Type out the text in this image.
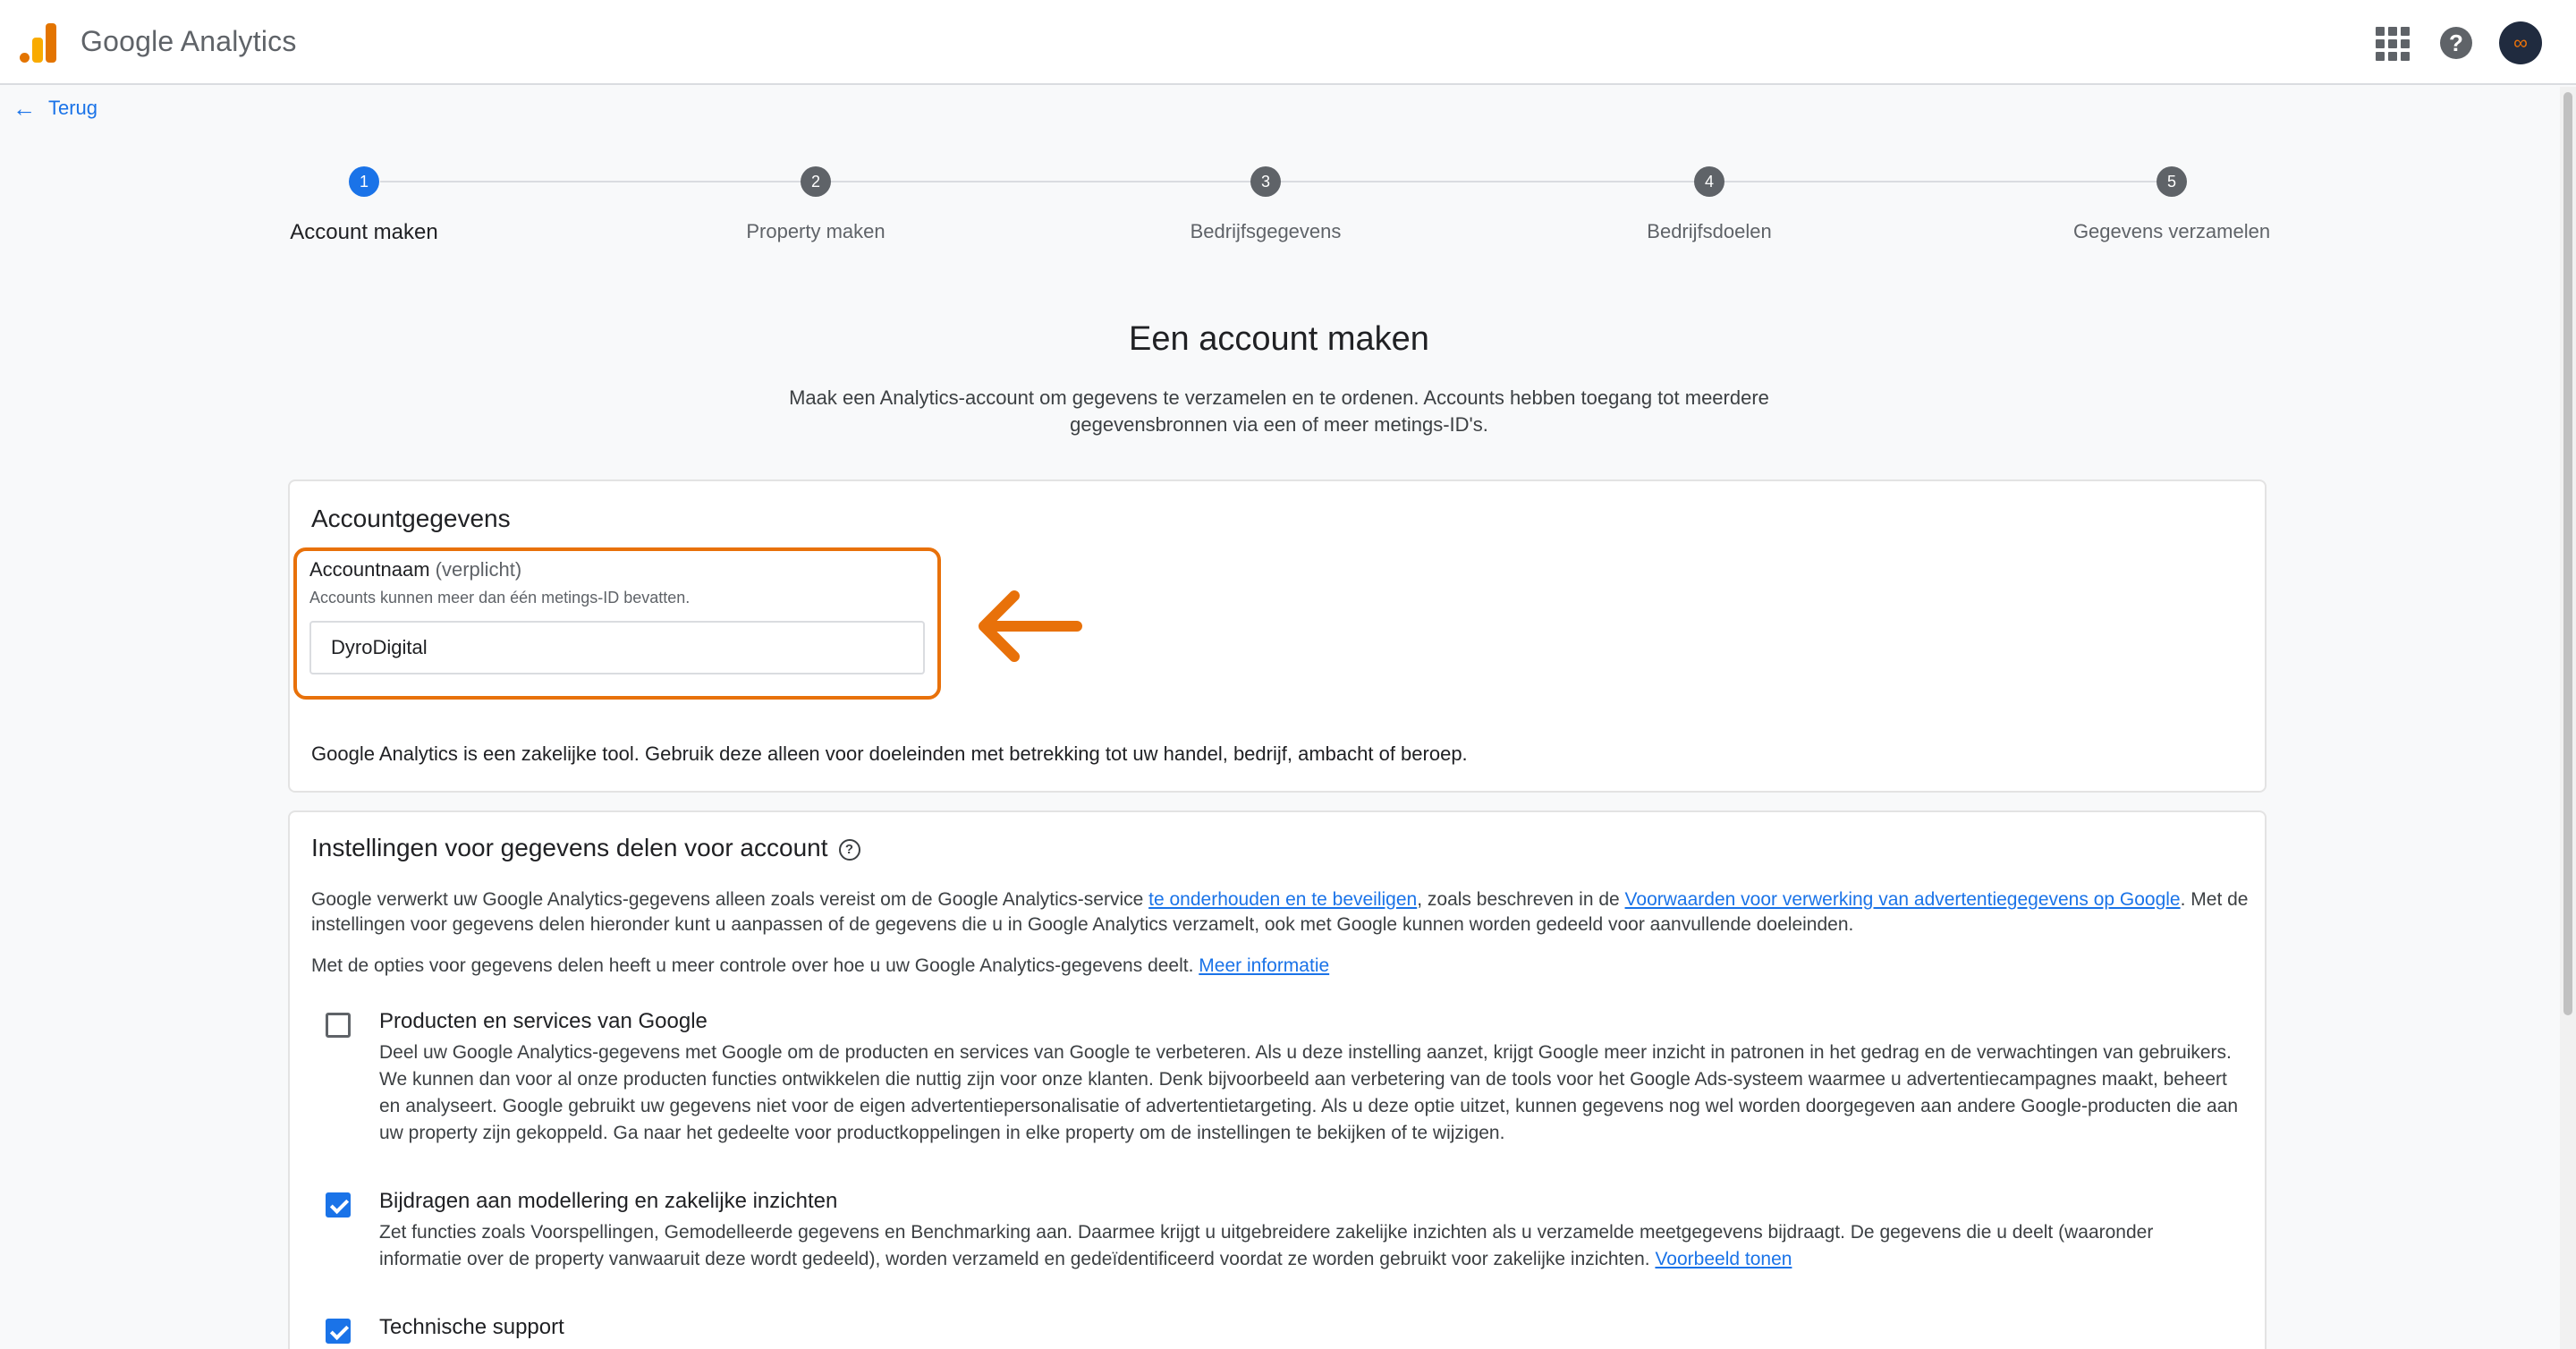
Google Analytics	?	∞
← Terug
1
Account maken
2
Property maken
3
Bedrijfsgegevens
4
Bedrijfsdoelen
5
Gegevens verzamelen
Een account maken
Maak een Analytics-account om gegevens te verzamelen en te ordenen. Accounts hebben toegang tot meerdere gegevensbronnen via een of meer metings-ID's.
Accountgegevens
Accountnaam (verplicht)
Accounts kunnen meer dan één metings-ID bevatten.
DyroDigital
Google Analytics is een zakelijke tool. Gebruik deze alleen voor doeleinden met betrekking tot uw handel, bedrijf, ambacht of beroep.
Instellingen voor gegevens delen voor account ?
Google verwerkt uw Google Analytics-gegevens alleen zoals vereist om de Google Analytics-service te onderhouden en te beveiligen, zoals beschreven in de Voorwaarden voor verwerking van advertentiegegevens op Google. Met de instellingen voor gegevens delen hieronder kunt u aanpassen of de gegevens die u in Google Analytics verzamelt, ook met Google kunnen worden gedeeld voor aanvullende doeleinden.
Met de opties voor gegevens delen heeft u meer controle over hoe u uw Google Analytics-gegevens deelt. Meer informatie
Producten en services van Google
Deel uw Google Analytics-gegevens met Google om de producten en services van Google te verbeteren. Als u deze instelling aanzet, krijgt Google meer inzicht in patronen in het gedrag en de verwachtingen van gebruikers. We kunnen dan voor al onze producten functies ontwikkelen die nuttig zijn voor onze klanten. Denk bijvoorbeeld aan verbetering van de tools voor het Google Ads-systeem waarmee u advertentiecampagnes maakt, beheert en analyseert. Google gebruikt uw gegevens niet voor de eigen advertentiepersonalisatie of advertentietargeting. Als u deze optie uitzet, kunnen gegevens nog wel worden doorgegeven aan andere Google-producten die aan uw property zijn gekoppeld. Ga naar het gedeelte voor productkoppelingen in elke property om de instellingen te bekijken of te wijzigen.
Bijdragen aan modellering en zakelijke inzichten
Zet functies zoals Voorspellingen, Gemodelleerde gegevens en Benchmarking aan. Daarmee krijgt u uitgebreidere zakelijke inzichten als u verzamelde meetgegevens bijdraagt. De gegevens die u deelt (waaronder informatie over de property vanwaaruit deze wordt gedeeld), worden verzameld en gedeïdentificeerd voordat ze worden gebruikt voor zakelijke inzichten. Voorbeeld tonen
Technische support
